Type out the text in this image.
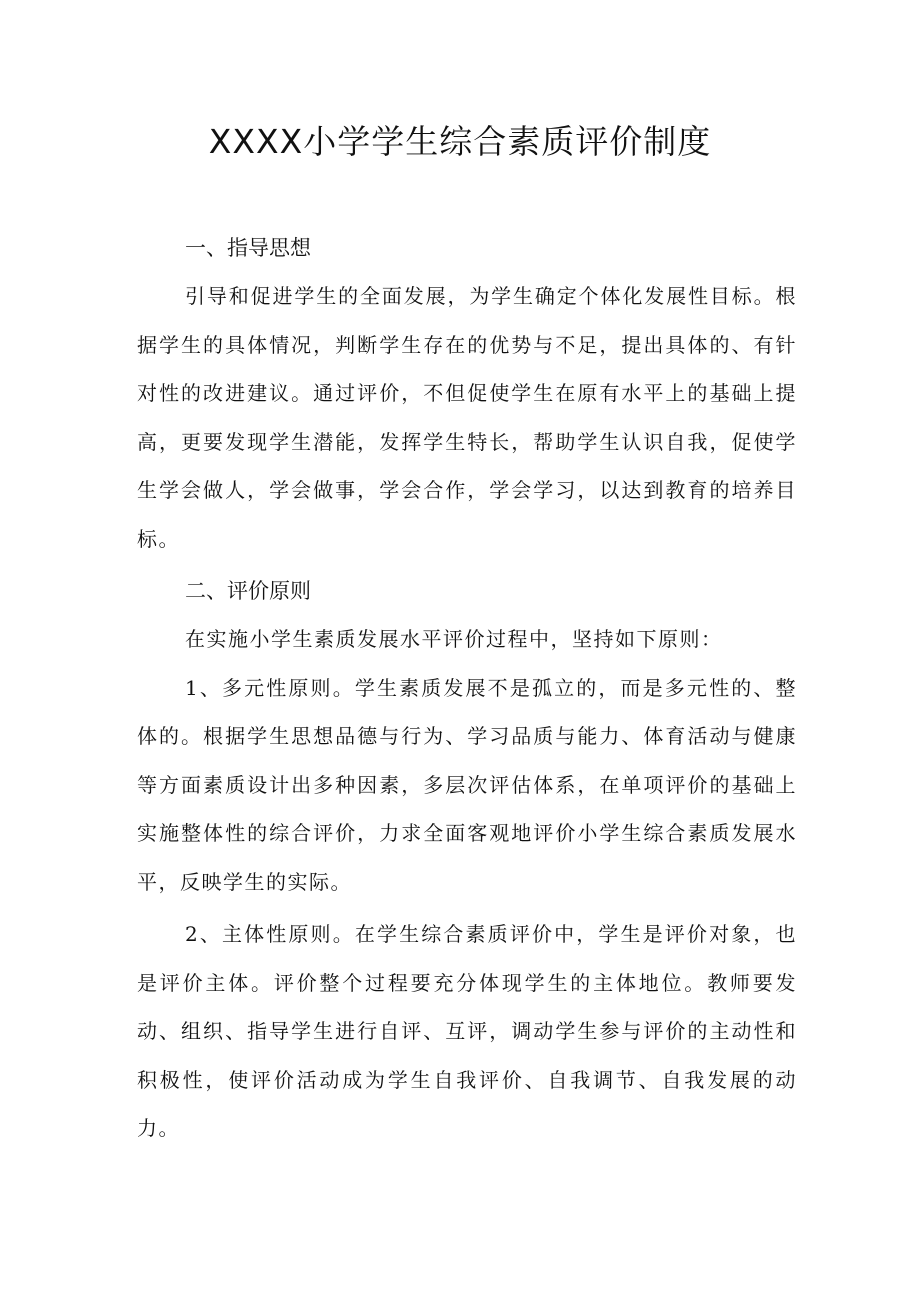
XXXX小学学生综合素质评价制度
一、指导思想

引导和促进学生的全面发展，为学生确定个体化发展性目标。根据学生的具体情况，判断学生存在的优势与不足，提出具体的、有针对性的改进建议。通过评价，不但促使学生在原有水平上的基础上提高，更要发现学生潜能，发挥学生特长，帮助学生认识自我，促使学生学会做人，学会做事，学会合作，学会学习，以达到教育的培养目标。

二、评价原则

在实施小学生素质发展水平评价过程中，坚持如下原则：

1、多元性原则。学生素质发展不是孤立的，而是多元性的、整体的。根据学生思想品德与行为、学习品质与能力、体育活动与健康等方面素质设计出多种因素，多层次评估体系，在单项评价的基础上实施整体性的综合评价，力求全面客观地评价小学生综合素质发展水平，反映学生的实际。

2、主体性原则。在学生综合素质评价中，学生是评价对象，也是评价主体。评价整个过程要充分体现学生的主体地位。教师要发动、组织、指导学生进行自评、互评，调动学生参与评价的主动性和积极性，使评价活动成为学生自我评价、自我调节、自我发展的动力。
